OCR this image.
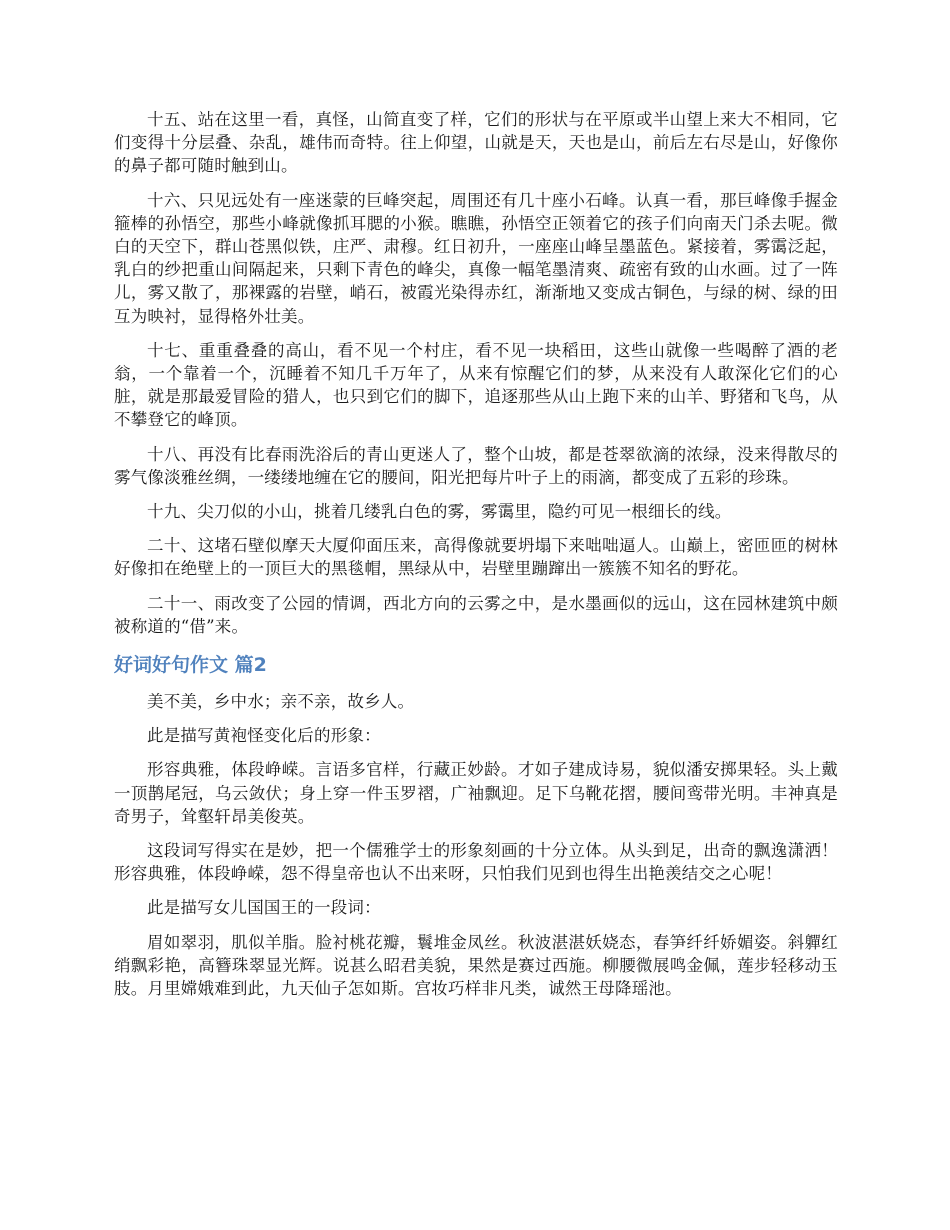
十五、站在这里一看，真怪，山简直变了样，它们的形状与在平原或半山望上来大不相同，它们变得十分层叠、杂乱，雄伟而奇特。往上仰望，山就是天，天也是山，前后左右尽是山，好像你的鼻子都可随时触到山。

十六、只见远处有一座迷蒙的巨峰突起，周围还有几十座小石峰。认真一看，那巨峰像手握金箍棒的孙悟空，那些小峰就像抓耳腮的小猴。瞧瞧，孙悟空正领着它的孩子们向南天门杀去呢。微白的天空下，群山苍黑似铁，庄严、肃穆。红日初升，一座座山峰呈墨蓝色。紧接着，雾霭泛起，乳白的纱把重山间隔起来，只剩下青色的峰尖，真像一幅笔墨清爽、疏密有致的山水画。过了一阵儿，雾又散了，那裸露的岩壁，峭石，被霞光染得赤红，渐渐地又变成古铜色，与绿的树、绿的田互为映衬，显得格外壮美。

十七、重重叠叠的高山，看不见一个村庄，看不见一块稻田，这些山就像一些喝醉了酒的老翁，一个靠着一个，沉睡着不知几千万年了，从来有惊醒它们的梦，从来没有人敢深化它们的心脏，就是那最爱冒险的猎人，也只到它们的脚下，追逐那些从山上跑下来的山羊、野猪和飞鸟，从不攀登它的峰顶。

十八、再没有比春雨洗浴后的青山更迷人了，整个山坡，都是苍翠欲滴的浓绿，没来得散尽的雾气像淡雅丝绸，一缕缕地缠在它的腰间，阳光把每片叶子上的雨滴，都变成了五彩的珍珠。

十九、尖刀似的小山，挑着几缕乳白色的雾，雾霭里，隐约可见一根细长的线。

二十、这堵石壁似摩天大厦仰面压来，高得像就要坍塌下来咄咄逼人。山巅上，密匝匝的树林好像扣在绝壁上的一顶巨大的黑毯帽，黑绿从中，岩壁里蹦蹿出一簇簇不知名的野花。

二十一、雨改变了公园的情调，西北方向的云雾之中，是水墨画似的远山，这在园林建筑中颇被称道的“借”来。

好词好句作文 篇2

美不美，乡中水；亲不亲，故乡人。

此是描写黄袍怪变化后的形象：

形容典雅，体段峥嵘。言语多官样，行藏正妙龄。才如子建成诗易，貌似潘安掷果轻。头上戴一顶鹊尾冠，乌云敛伏；身上穿一件玉罗褶，广袖飘迎。足下乌靴花摺，腰间鸾带光明。丰神真是奇男子，耸壑轩昂美俊英。

这段词写得实在是妙，把一个儒雅学士的形象刻画的十分立体。从头到足，出奇的飘逸潇洒！形容典雅，体段峥嵘，怨不得皇帝也认不出来呀，只怕我们见到也得生出艳羡结交之心呢！

此是描写女儿国国王的一段词：

眉如翠羽，肌似羊脂。脸衬桃花瓣，鬟堆金凤丝。秋波湛湛妖娆态，春笋纤纤娇媚姿。斜軃红绡飘彩艳，高簪珠翠显光辉。说甚么昭君美貌，果然是赛过西施。柳腰微展鸣金佩，莲步轻移动玉肢。月里嫦娥难到此，九天仙子怎如斯。宫妆巧样非凡类，诚然王母降瑶池。
